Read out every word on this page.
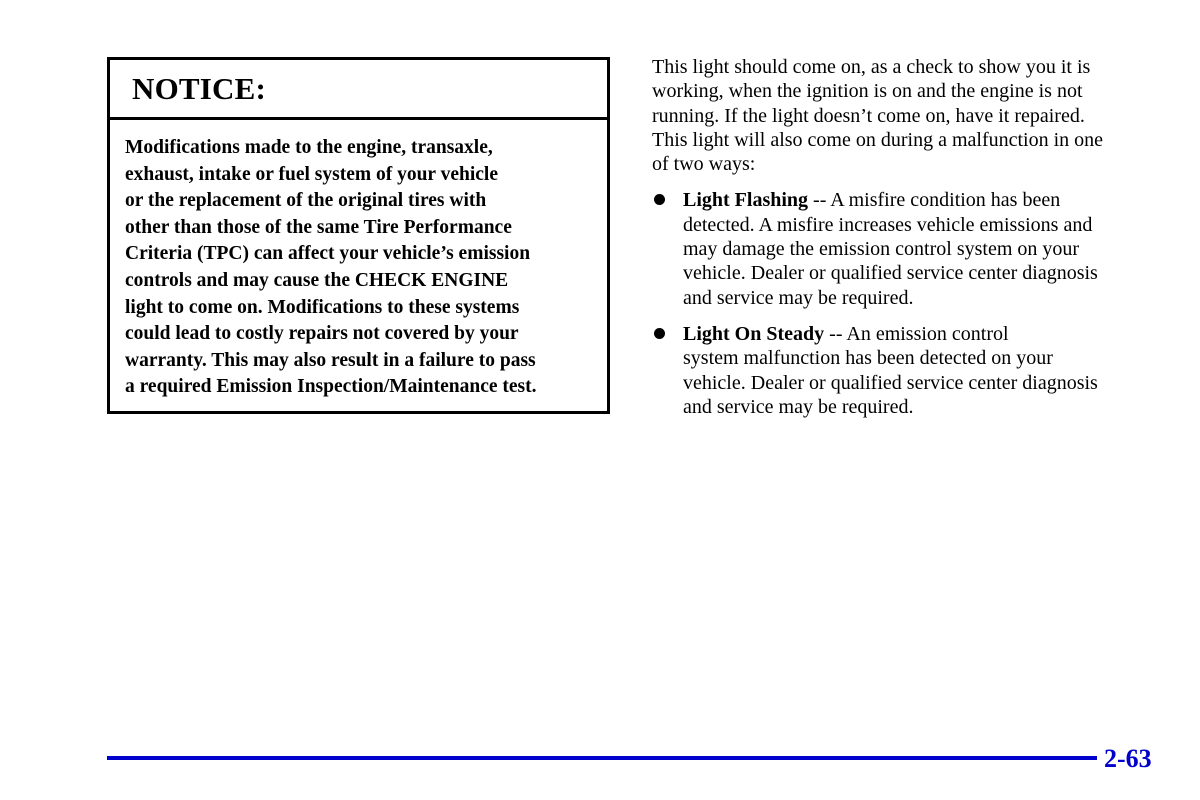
NOTICE:
Modifications made to the engine, transaxle,
exhaust, intake or fuel system of your vehicle
or the replacement of the original tires with
other than those of the same Tire Performance
Criteria (TPC) can affect your vehicle’s emission
controls and may cause the CHECK ENGINE
light to come on. Modifications to these systems
could lead to costly repairs not covered by your
warranty. This may also result in a failure to pass
a required Emission Inspection/Maintenance test.
This light should come on, as a check to show you it is
working, when the ignition is on and the engine is not
running. If the light doesn’t come on, have it repaired.
This light will also come on during a malfunction in one
of two ways:
Light Flashing -- A misfire condition has been
detected. A misfire increases vehicle emissions and
may damage the emission control system on your
vehicle. Dealer or qualified service center diagnosis
and service may be required.
Light On Steady -- An emission control
system malfunction has been detected on your
vehicle. Dealer or qualified service center diagnosis
and service may be required.
2-63
